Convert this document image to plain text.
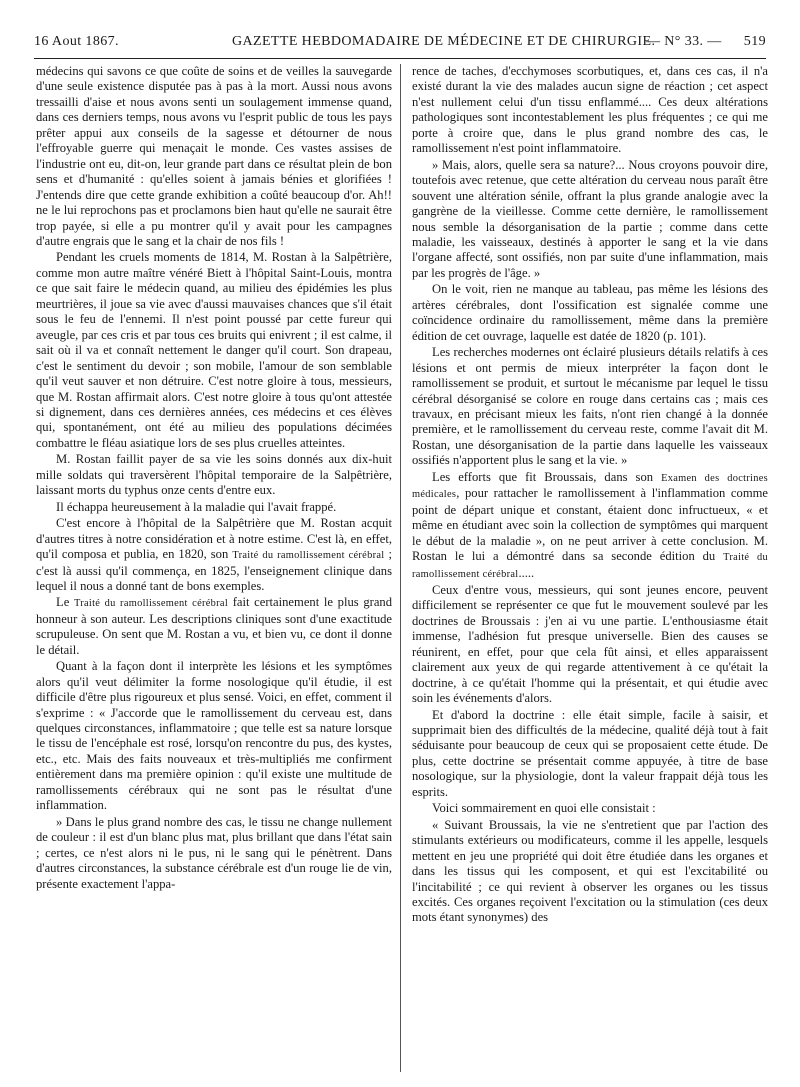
16 Aout 1867.	GAZETTE HEBDOMADAIRE DE MÉDECINE ET DE CHIRURGIE.
— N° 33. — 519

médecins qui savons ce que coûte de soins et de veilles la sauvegarde d'une seule existence disputée pas à pas à la mort. Aussi nous avons tressailli d'aise et nous avons senti un soulagement immense quand, dans ces derniers temps, nous avons vu l'esprit public de tous les pays prêter appui aux conseils de la sagesse et détourner de nous l'effroyable guerre qui menaçait le monde. Ces vastes assises de l'industrie ont eu, dit-on, leur grande part dans ce résultat plein de bon sens et d'humanité : qu'elles soient à jamais bénies et glorifiées ! J'entends dire que cette grande exhibition a coûté beaucoup d'or. Ah!! ne le lui reprochons pas et proclamons bien haut qu'elle ne saurait être trop payée, si elle a pu montrer qu'il y avait pour les campagnes d'autre engrais que le sang et la chair de nos fils !

Pendant les cruels moments de 1814, M. Rostan à la Salpêtrière, comme mon autre maître vénéré Biett à l'hôpital Saint-Louis, montra ce que sait faire le médecin quand, au milieu des épidémies les plus meurtrières, il joue sa vie avec d'aussi mauvaises chances que s'il était sous le feu de l'ennemi. Il n'est point poussé par cette fureur qui aveugle, par ces cris et par tous ces bruits qui enivrent ; il est calme, il sait où il va et connaît nettement le danger qu'il court. Son drapeau, c'est le sentiment du devoir ; son mobile, l'amour de son semblable qu'il veut sauver et non détruire. C'est notre gloire à tous, messieurs, que M. Rostan affirmait alors. C'est notre gloire à tous qu'ont attestée si dignement, dans ces dernières années, ces médecins et ces élèves qui, spontanément, ont été au milieu des populations décimées combattre le fléau asiatique lors de ses plus cruelles atteintes.

M. Rostan faillit payer de sa vie les soins donnés aux dix-huit mille soldats qui traversèrent l'hôpital temporaire de la Salpêtrière, laissant morts du typhus onze cents d'entre eux.

Il échappa heureusement à la maladie qui l'avait frappé.

C'est encore à l'hôpital de la Salpêtrière que M. Rostan acquit d'autres titres à notre considération et à notre estime. C'est là, en effet, qu'il composa et publia, en 1820, son Traité du ramollissement cérébral ; c'est là aussi qu'il commença, en 1825, l'enseignement clinique dans lequel il nous a donné tant de bons exemples.

Le Traité du ramollissement cérébral fait certainement le plus grand honneur à son auteur. Les descriptions cliniques sont d'une exactitude scrupuleuse. On sent que M. Rostan a vu, et bien vu, ce dont il donne le détail.

Quant à la façon dont il interprète les lésions et les symptômes alors qu'il veut délimiter la forme nosologique qu'il étudie, il est difficile d'être plus rigoureux et plus sensé. Voici, en effet, comment il s'exprime : « J'accorde que le ramollissement du cerveau est, dans quelques circonstances, inflammatoire ; que telle est sa nature lorsque le tissu de l'encéphale est rosé, lorsqu'on rencontre du pus, des kystes, etc., etc. Mais des faits nouveaux et très-multipliés me confirment entièrement dans ma première opinion : qu'il existe une multitude de ramollissements cérébraux qui ne sont pas le résultat d'une inflammation.

» Dans le plus grand nombre des cas, le tissu ne change nullement de couleur : il est d'un blanc plus mat, plus brillant que dans l'état sain ; certes, ce n'est alors ni le pus, ni le sang qui le pénètrent. Dans d'autres circonstances, la substance cérébrale est d'un rouge lie de vin, présente exactement l'appa-

rence de taches, d'ecchymoses scorbutiques, et, dans ces cas, il n'a existé durant la vie des malades aucun signe de réaction ; cet aspect n'est nullement celui d'un tissu enflammé.... Ces deux altérations pathologiques sont incontestablement les plus fréquentes ; ce qui me porte à croire que, dans le plus grand nombre des cas, le ramollissement n'est point inflammatoire.

» Mais, alors, quelle sera sa nature?... Nous croyons pouvoir dire, toutefois avec retenue, que cette altération du cerveau nous paraît être souvent une altération sénile, offrant la plus grande analogie avec la gangrène de la vieillesse. Comme cette dernière, le ramollissement nous semble la désorganisation de la partie ; comme dans cette maladie, les vaisseaux, destinés à apporter le sang et la vie dans l'organe affecté, sont ossifiés, non par suite d'une inflammation, mais par les progrès de l'âge. »

On le voit, rien ne manque au tableau, pas même les lésions des artères cérébrales, dont l'ossification est signalée comme une coïncidence ordinaire du ramollissement, même dans la première édition de cet ouvrage, laquelle est datée de 1820 (p. 101).

Les recherches modernes ont éclairé plusieurs détails relatifs à ces lésions et ont permis de mieux interpréter la façon dont le ramollissement se produit, et surtout le mécanisme par lequel le tissu cérébral désorganisé se colore en rouge dans certains cas ; mais ces travaux, en précisant mieux les faits, n'ont rien changé à la donnée première, et le ramollissement du cerveau reste, comme l'avait dit M. Rostan, une désorganisation de la partie dans laquelle les vaisseaux ossifiés n'apportent plus le sang et la vie. »

Les efforts que fit Broussais, dans son Examen des doctrines médicales, pour rattacher le ramollissement à l'inflammation comme point de départ unique et constant, étaient donc infructueux, « et même en étudiant avec soin la collection de symptômes qui marquent le début de la maladie », on ne peut arriver à cette conclusion. M. Rostan le lui a démontré dans sa seconde édition du Traité du ramollissement cérébral.....

Ceux d'entre vous, messieurs, qui sont jeunes encore, peuvent difficilement se représenter ce que fut le mouvement soulevé par les doctrines de Broussais : j'en ai vu une partie. L'enthousiasme était immense, l'adhésion fut presque universelle. Bien des causes se réunirent, en effet, pour que cela fût ainsi, et elles apparaissent clairement aux yeux de qui regarde attentivement à ce qu'était la doctrine, à ce qu'était l'homme qui la présentait, et qui étudie avec soin les événements d'alors.

Et d'abord la doctrine : elle était simple, facile à saisir, et supprimait bien des difficultés de la médecine, qualité déjà tout à fait séduisante pour beaucoup de ceux qui se proposaient cette étude. De plus, cette doctrine se présentait comme appuyée, à titre de base nosologique, sur la physiologie, dont la valeur frappait déjà tous les esprits.

Voici sommairement en quoi elle consistait :

« Suivant Broussais, la vie ne s'entretient que par l'action des stimulants extérieurs ou modificateurs, comme il les appelle, lesquels mettent en jeu une propriété qui doit être étudiée dans les organes et dans les tissus qui les composent, et qui est l'excitabilité ou l'incitabilité ; ce qui revient à observer les organes ou les tissus excités. Ces organes reçoivent l'excitation ou la stimulation (ces deux mots étant synonymes) des
